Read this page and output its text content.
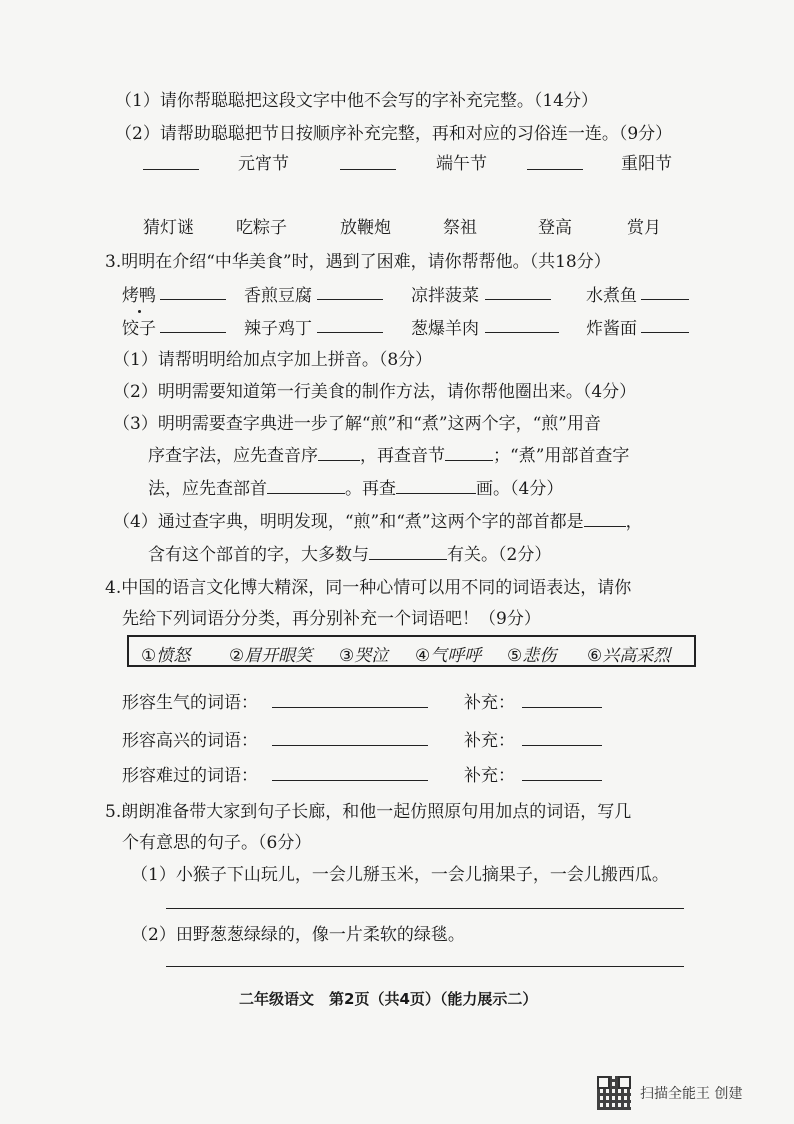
（1）请你帮聪聪把这段文字中他不会写的字补充完整。（14分）
（2）请帮助聪聪把节日按顺序补充完整，再和对应的习俗连一连。（9分）
元宵节	端午节	重阳节
猜灯谜 吃粽子	放鞭炮	祭祖	登高	赏月
3.明明在介绍“中华美食”时，遇到了困难，请你帮帮他。（共18分）
烤鸭	香煎豆腐	凉拌菠菜	水煮鱼
饺子	辣子鸡丁	葱爆羊肉	炸酱面
（1）请帮明明给加点字加上拼音。（8分）
（2）明明需要知道第一行美食的制作方法，请你帮他圈出来。（4分）
（3）明明需要查字典进一步了解“煎”和“煮”这两个字，“煎”用音
序查字法，应先查音序 ，再查音节	；“煮”用部首查字
法，应先查部首	。再查	画。（4分）
（4）通过查字典，明明发现，“煎”和“煮”这两个字的部首都是 ，
含有这个部首的字，大多数与	有关。（2分）
4.中国的语言文化博大精深，同一种心情可以用不同的词语表达，请你
先给下列词语分分类，再分别补充一个词语吧！（9分）
①愤怒 ②眉开眼笑 ③哭泣 ④气呼呼 ⑤悲伤 ⑥兴高采烈
形容生气的词语：	补充：
形容高兴的词语：	补充：
形容难过的词语：	补充：
5.朗朗准备带大家到句子长廊，和他一起仿照原句用加点的词语，写几
个有意思的句子。（6分）
（1）小猴子下山玩儿，一会儿掰玉米，一会儿摘果子，一会儿搬西瓜。
（2）田野葱葱绿绿的，像一片柔软的绿毯。
二年级语文　第2页（共4页）（能力展示二）
扫描全能王 创建
